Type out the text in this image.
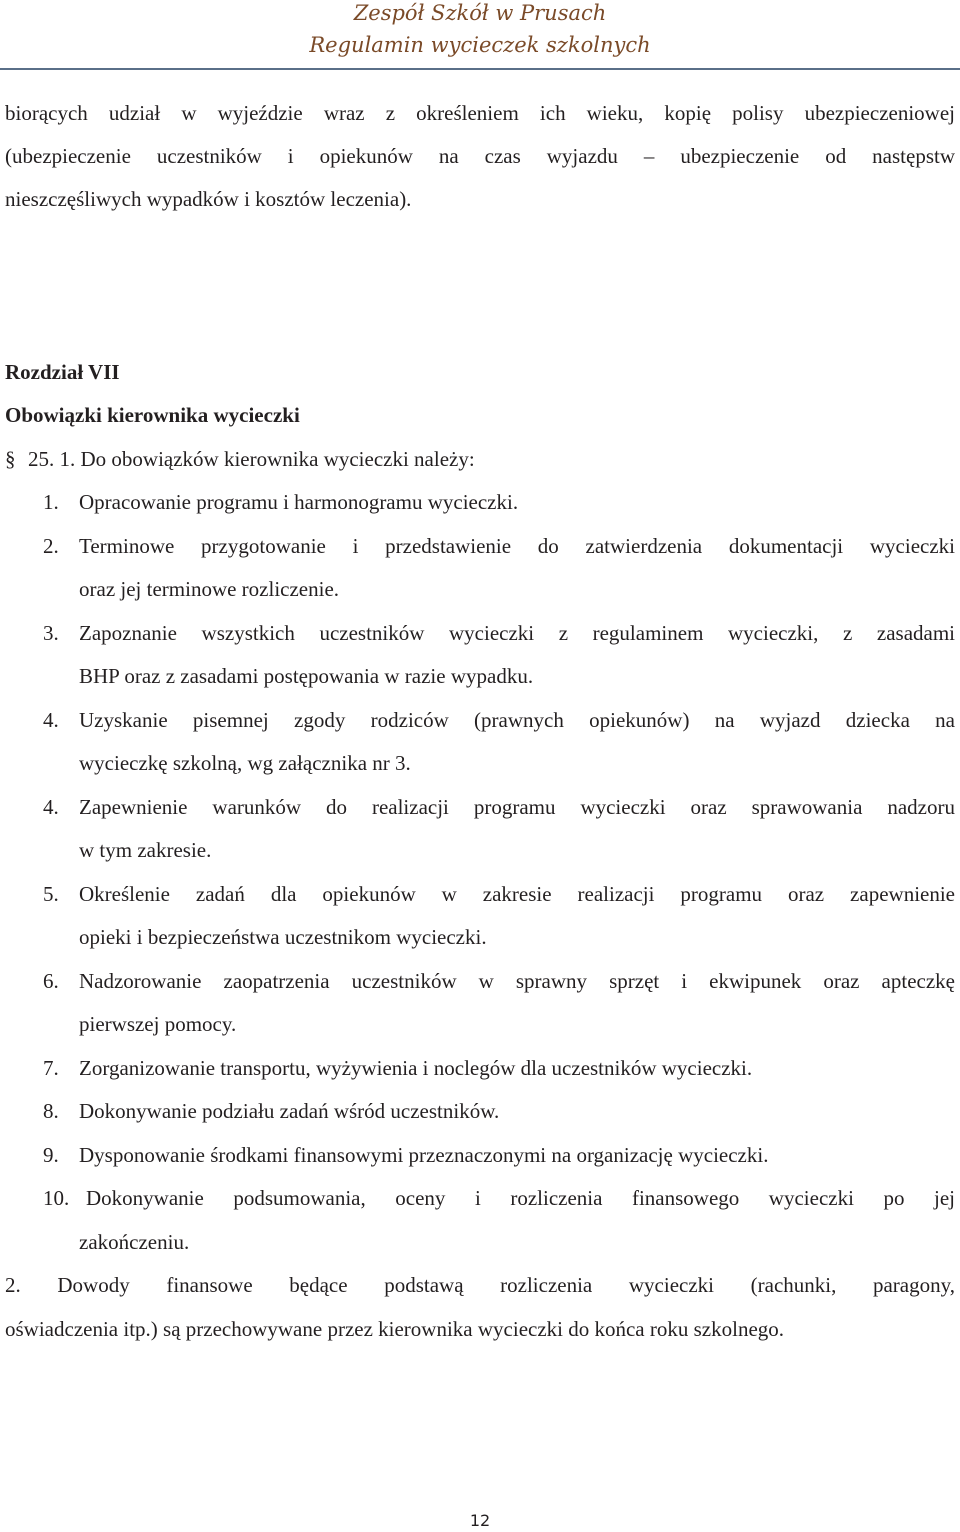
Zespół Szkół w Prusach
Regulamin wycieczek szkolnych
biorących udział w wyjeździe wraz z określeniem ich wieku, kopię polisy ubezpieczeniowej
(ubezpieczenie uczestników i opiekunów na czas wyjazdu – ubezpieczenie od następstw
nieszczęśliwych wypadków i kosztów leczenia).
Rozdział VII
Obowiązki kierownika wycieczki
§ 25. 1. Do obowiązków kierownika wycieczki należy:
1. Opracowanie programu i harmonogramu wycieczki.
2. Terminowe przygotowanie i przedstawienie do zatwierdzenia dokumentacji wycieczki
oraz jej terminowe rozliczenie.
3. Zapoznanie wszystkich uczestników wycieczki z regulaminem wycieczki, z zasadami
BHP oraz z zasadami postępowania w razie wypadku.
4. Uzyskanie pisemnej zgody rodziców (prawnych opiekunów) na wyjazd dziecka na
wycieczkę szkolną, wg załącznika nr 3.
4. Zapewnienie warunków do realizacji programu wycieczki oraz sprawowania nadzoru
w tym zakresie.
5. Określenie zadań dla opiekunów w zakresie realizacji programu oraz zapewnienie
opieki i bezpieczeństwa uczestnikom wycieczki.
6. Nadzorowanie zaopatrzenia uczestników w sprawny sprzęt i ekwipunek oraz apteczkę
pierwszej pomocy.
7. Zorganizowanie transportu, wyżywienia i noclegów dla uczestników wycieczki.
8. Dokonywanie podziału zadań wśród uczestników.
9. Dysponowanie środkami finansowymi przeznaczonymi na organizację wycieczki.
10. Dokonywanie podsumowania, oceny i rozliczenia finansowego wycieczki po jej
zakończeniu.
2. Dowody finansowe będące podstawą rozliczenia wycieczki (rachunki, paragony,
oświadczenia itp.) są przechowywane przez kierownika wycieczki do końca roku szkolnego.
12
